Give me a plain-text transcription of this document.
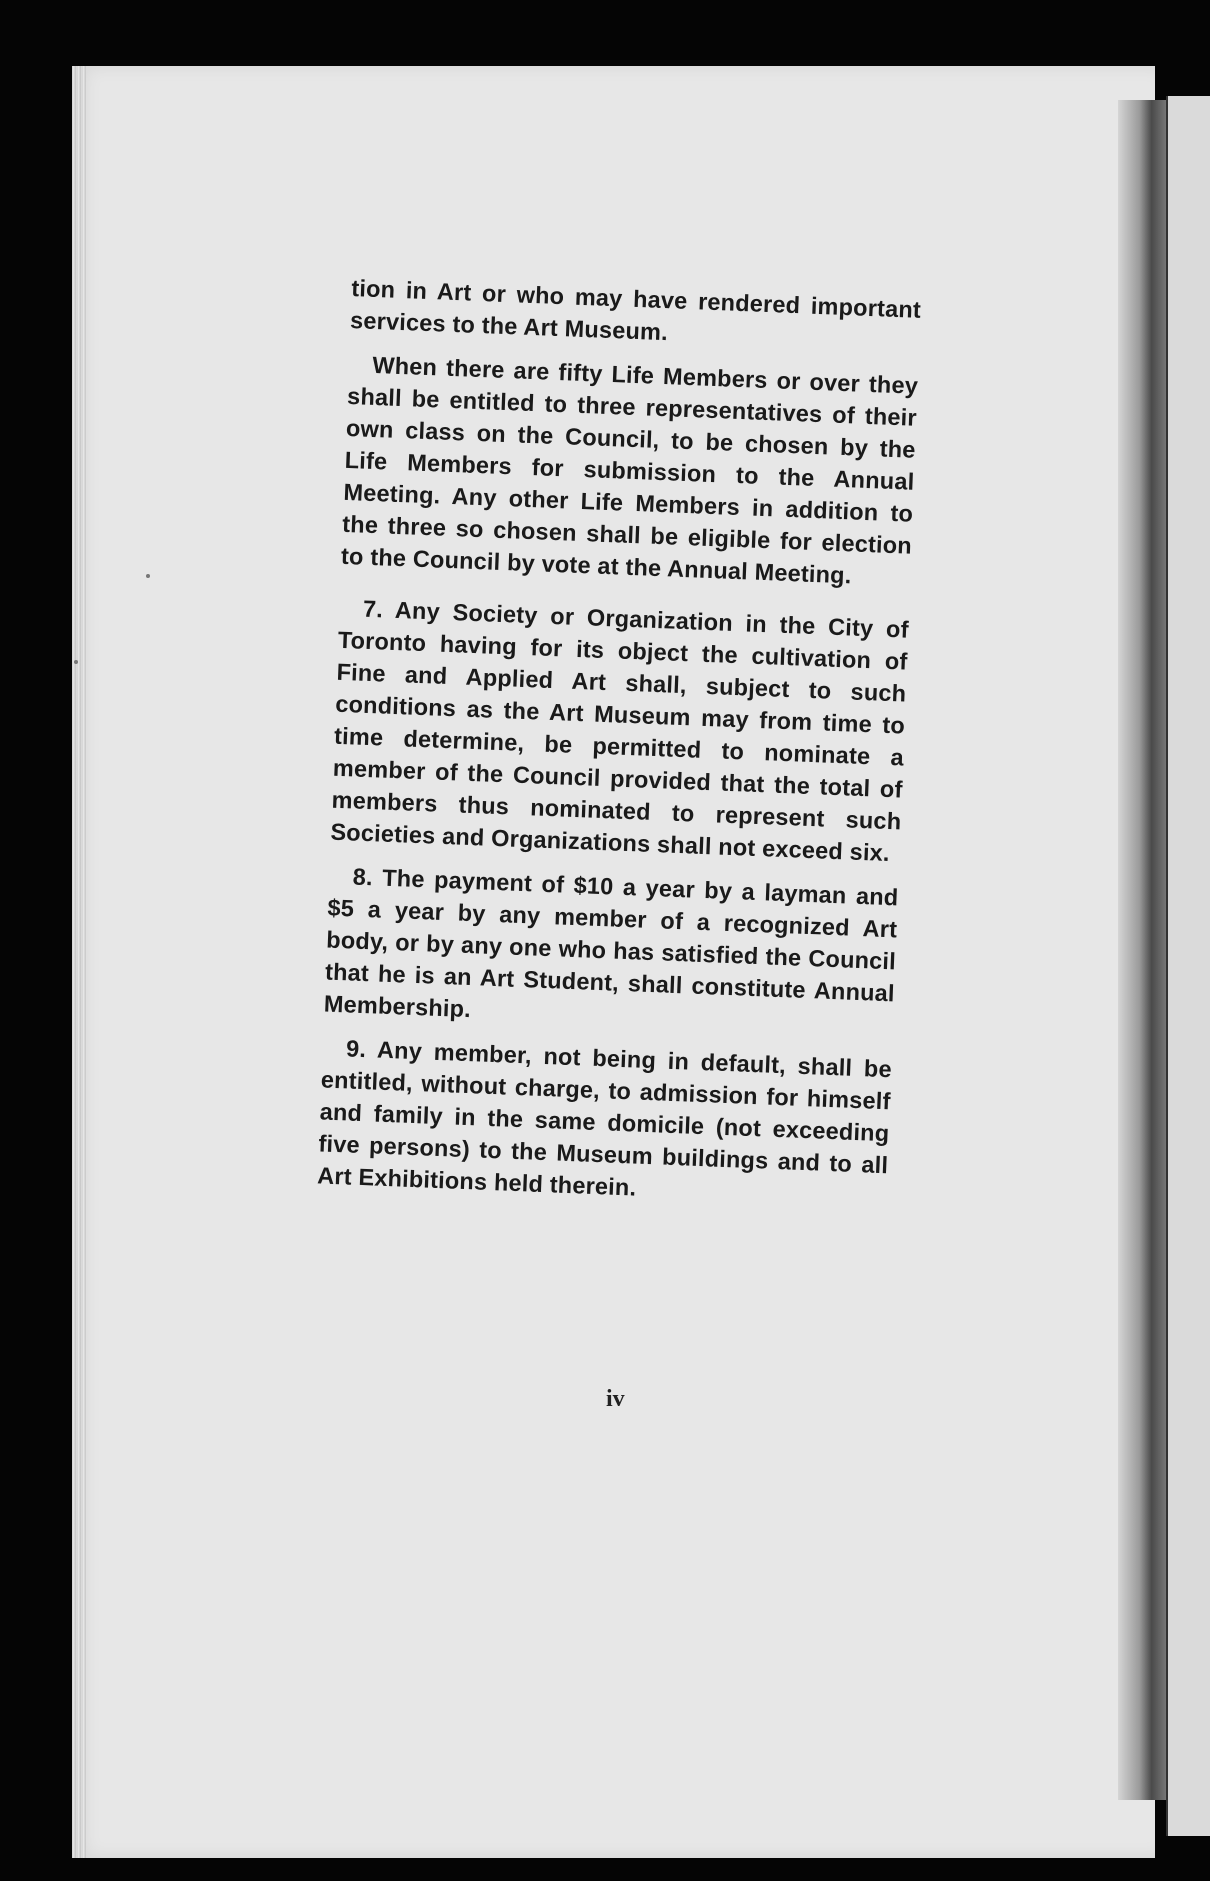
tion in Art or who may have rendered important services to the Art Museum.

When there are fifty Life Members or over they shall be entitled to three representatives of their own class on the Council, to be chosen by the Life Members for submission to the Annual Meeting. Any other Life Members in addition to the three so chosen shall be eligible for election to the Council by vote at the Annual Meeting.

7. Any Society or Organization in the City of Toronto having for its object the cultivation of Fine and Applied Art shall, subject to such conditions as the Art Museum may from time to time determine, be permitted to nominate a member of the Council provided that the total of members thus nominated to represent such Societies and Organizations shall not exceed six.

8. The payment of $10 a year by a layman and $5 a year by any member of a recognized Art body, or by any one who has satisfied the Council that he is an Art Student, shall constitute Annual Membership.

9. Any member, not being in default, shall be entitled, without charge, to admission for himself and family in the same domicile (not exceeding five persons) to the Museum buildings and to all Art Exhibitions held therein.

iv
